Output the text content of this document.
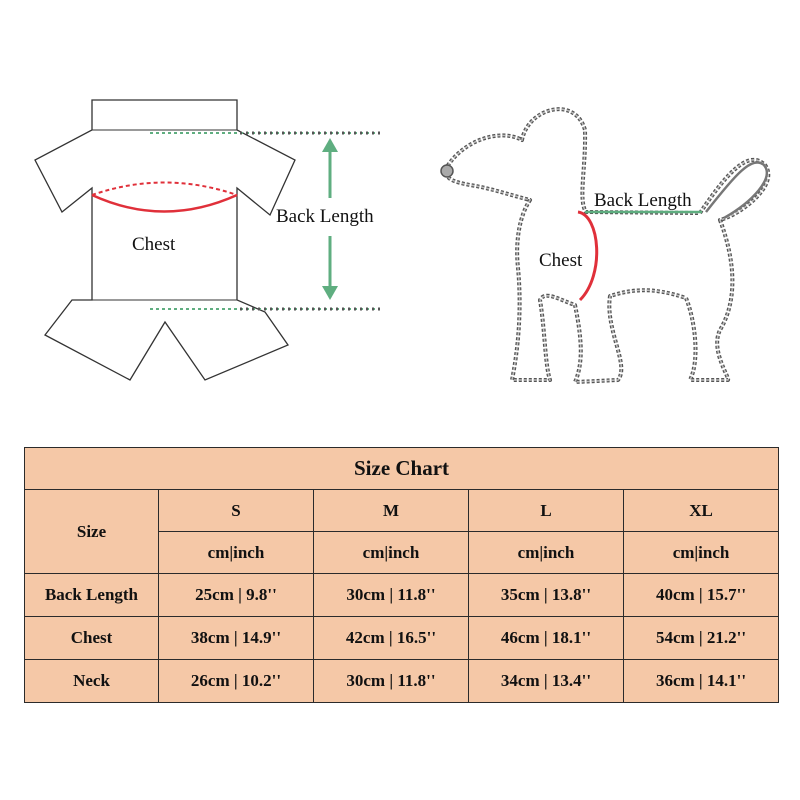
Chest
Back Length
Back Length
Chest
Size Chart				
Size	S	M	L	XL
	cm|inch	cm|inch	cm|inch	cm|inch
Back Length	25cm | 9.8''	30cm | 11.8''	35cm | 13.8''	40cm | 15.7''
Chest	38cm | 14.9''	42cm | 16.5''	46cm | 18.1''	54cm | 21.2''
Neck	26cm | 10.2''	30cm | 11.8''	34cm | 13.4''	36cm | 14.1''
